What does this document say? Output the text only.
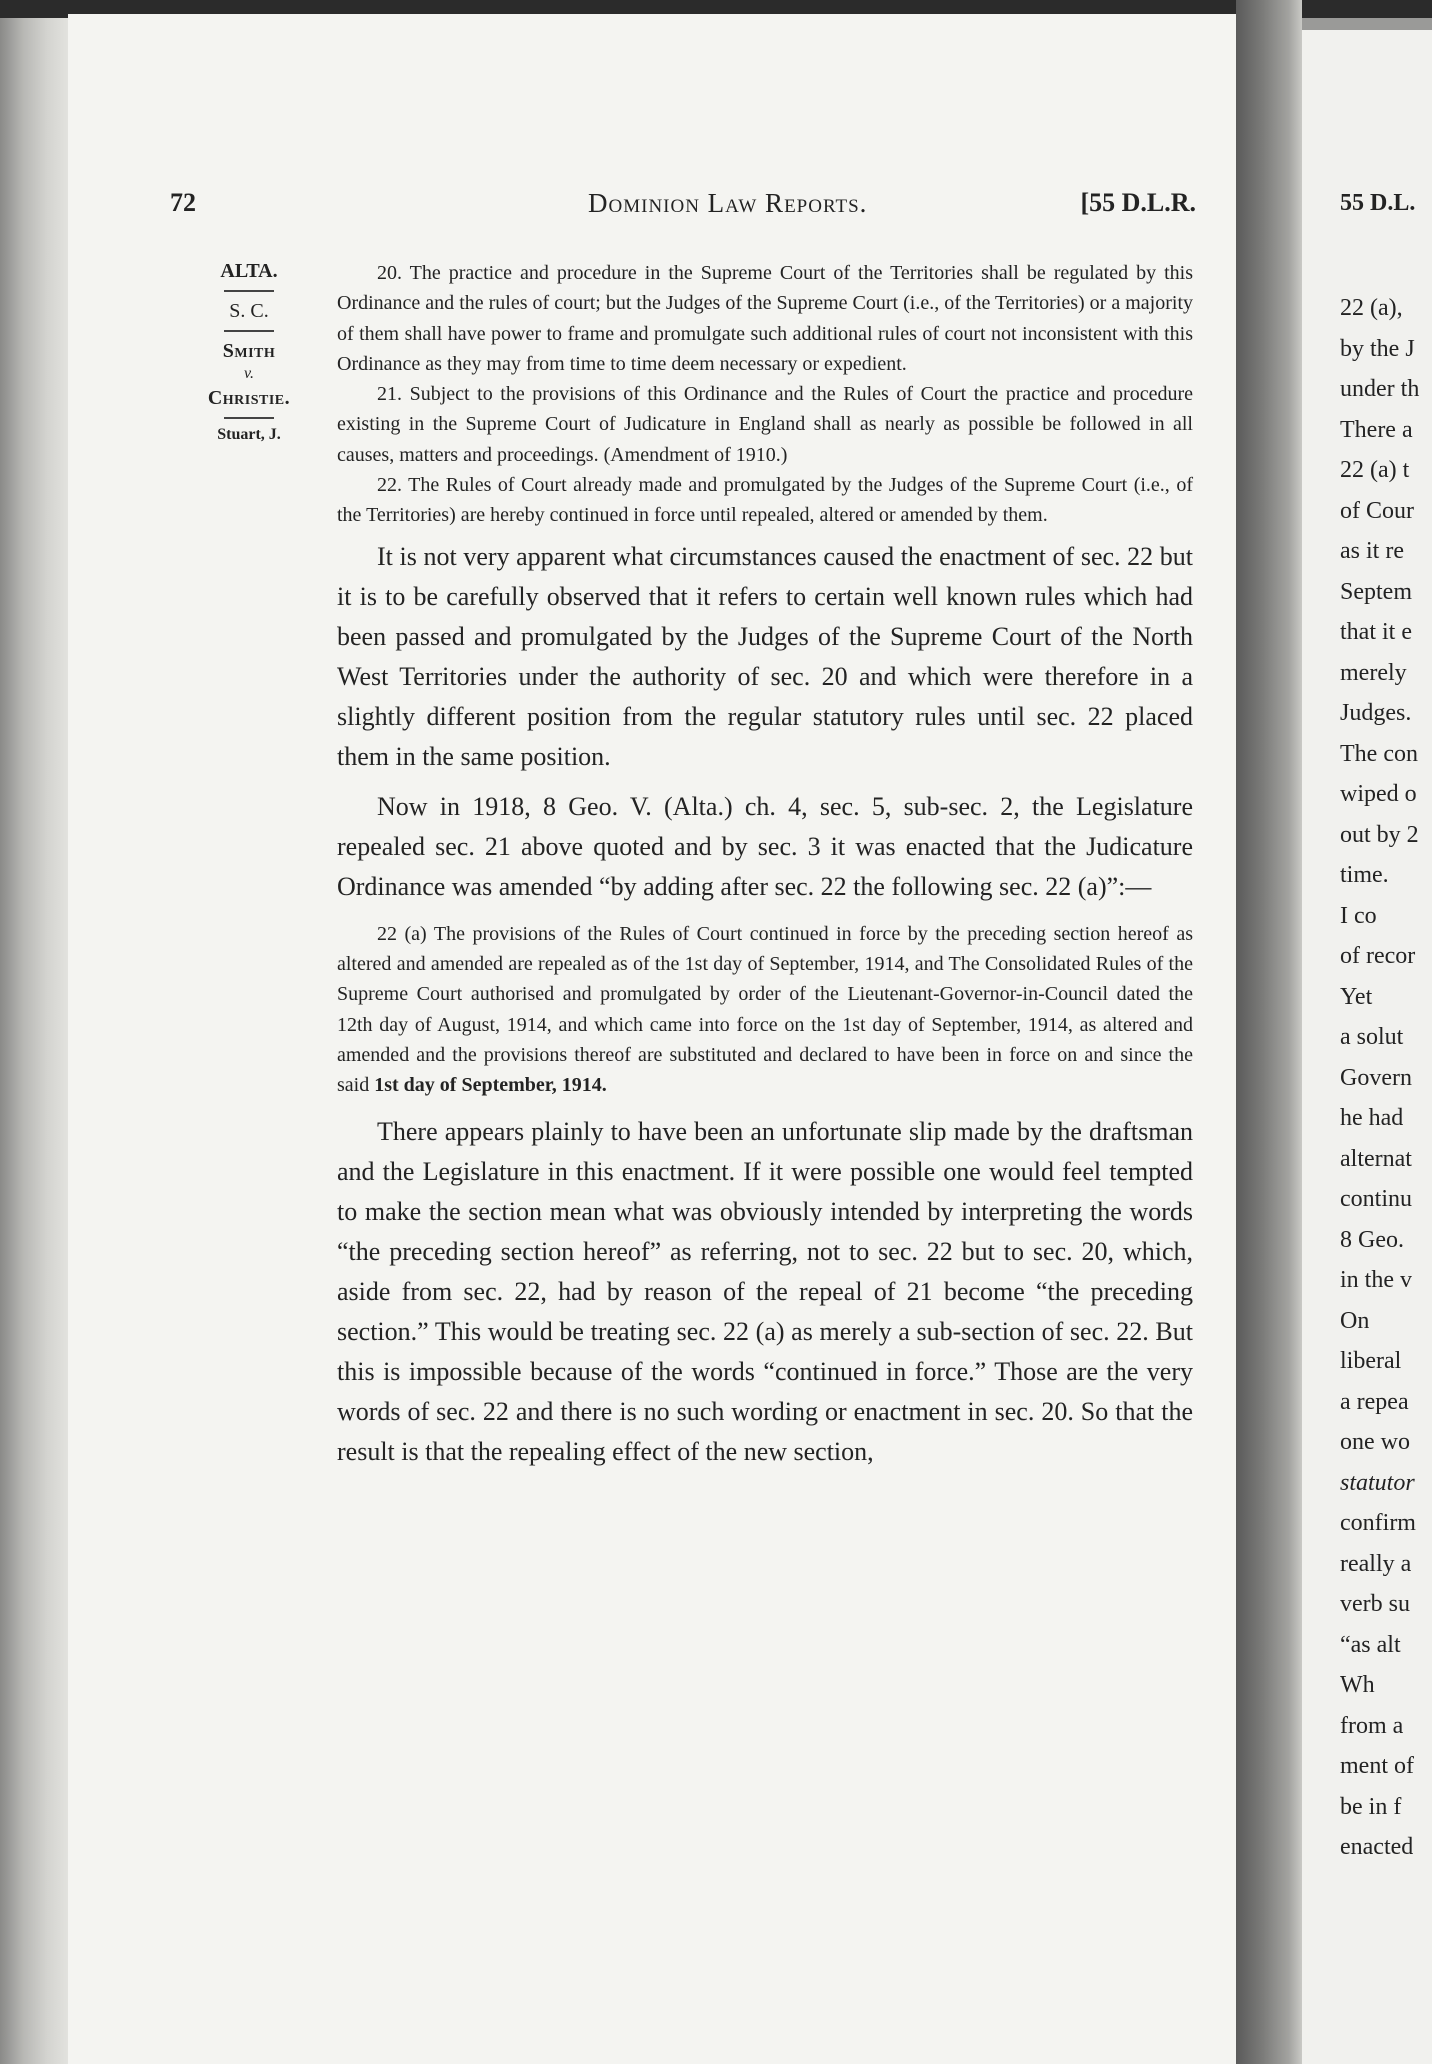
72	Dominion Law Reports.	[55 D.L.R.
ALTA.
S. C.
Smith
v.
Christie.
Stuart, J.

20. The practice and procedure in the Supreme Court of the Territories shall be regulated by this Ordinance and the rules of court; but the Judges of the Supreme Court (i.e., of the Territories) or a majority of them shall have power to frame and promulgate such additional rules of court not inconsistent with this Ordinance as they may from time to time deem necessary or expedient.

21. Subject to the provisions of this Ordinance and the Rules of Court the practice and procedure existing in the Supreme Court of Judicature in England shall as nearly as possible be followed in all causes, matters and proceedings. (Amendment of 1910.)

22. The Rules of Court already made and promulgated by the Judges of the Supreme Court (i.e., of the Territories) are hereby continued in force until repealed, altered or amended by them.

It is not very apparent what circumstances caused the enactment of sec. 22 but it is to be carefully observed that it refers to certain well known rules which had been passed and promulgated by the Judges of the Supreme Court of the North West Territories under the authority of sec. 20 and which were therefore in a slightly different position from the regular statutory rules until sec. 22 placed them in the same position.

Now in 1918, 8 Geo. V. (Alta.) ch. 4, sec. 5, sub-sec. 2, the Legislature repealed sec. 21 above quoted and by sec. 3 it was enacted that the Judicature Ordinance was amended “by adding after sec. 22 the following sec. 22 (a)”:—

22 (a) The provisions of the Rules of Court continued in force by the preceding section hereof as altered and amended are repealed as of the 1st day of September, 1914, and The Consolidated Rules of the Supreme Court authorised and promulgated by order of the Lieutenant-Governor-in-Council dated the 12th day of August, 1914, and which came into force on the 1st day of September, 1914, as altered and amended and the provisions thereof are substituted and declared to have been in force on and since the said 1st day of September, 1914.

There appears plainly to have been an unfortunate slip made by the draftsman and the Legislature in this enactment. If it were possible one would feel tempted to make the section mean what was obviously intended by interpreting the words “the preceding section hereof” as referring, not to sec. 22 but to sec. 20, which, aside from sec. 22, had by reason of the repeal of 21 become “the preceding section.” This would be treating sec. 22 (a) as merely a sub-section of sec. 22. But this is impossible because of the words “continued in force.” Those are the very words of sec. 22 and there is no such wording or enactment in sec. 20. So that the result is that the repealing effect of the new section,

55 D.L.
22 (a),
by the J
under th
There a
22 (a) t
of Cour
as it re
Septem
that it e
merely
Judges.
The con
wiped o
out by 2
time.
I co
of recor
Yet
a solut
Govern
he had
alternat
continu
8 Geo.
in the v
On
liberal
a repea
one wo
statutor
confirm
really a
verb su
“as alt
Wh
from a
ment of
be in f
enacted
